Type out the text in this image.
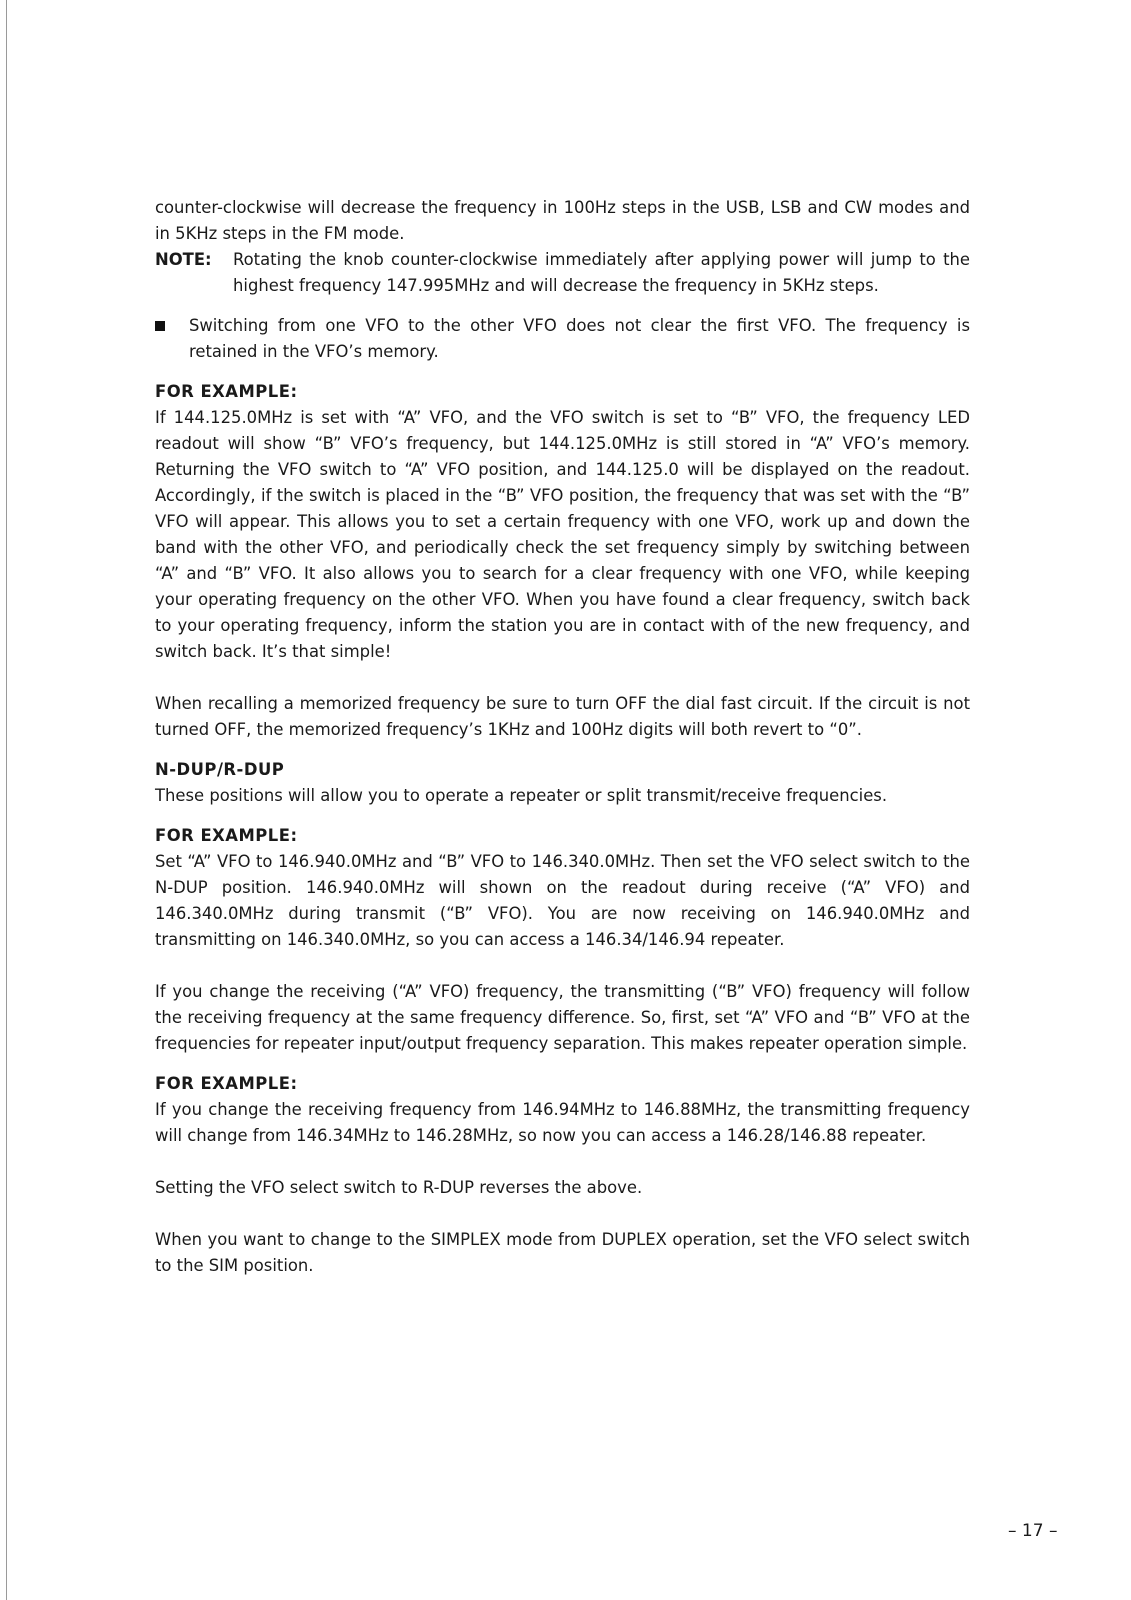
counter-clockwise will decrease the frequency in 100Hz steps in the USB, LSB and CW modes and in 5KHz steps in the FM mode.

NOTE:	Rotating the knob counter-clockwise immediately after applying power will jump to the highest frequency 147.995MHz and will decrease the frequency in 5KHz steps.
Switching from one VFO to the other VFO does not clear the first VFO. The frequency is retained in the VFO’s memory.

FOR EXAMPLE:

If 144.125.0MHz is set with “A” VFO, and the VFO switch is set to “B” VFO, the frequency LED readout will show “B” VFO’s frequency, but 144.125.0MHz is still stored in “A” VFO’s memory. Returning the VFO switch to “A” VFO position, and 144.125.0 will be displayed on the readout. Accordingly, if the switch is placed in the “B” VFO position, the frequency that was set with the “B” VFO will appear. This allows you to set a certain frequency with one VFO, work up and down the band with the other VFO, and periodically check the set frequency simply by switching between “A” and “B” VFO. It also allows you to search for a clear frequency with one VFO, while keeping your operating frequency on the other VFO. When you have found a clear frequency, switch back to your operating frequency, inform the station you are in contact with of the new frequency, and switch back. It’s that simple!

When recalling a memorized frequency be sure to turn OFF the dial fast circuit. If the circuit is not turned OFF, the memorized frequency’s 1KHz and 100Hz digits will both revert to “0”.

N-DUP/R-DUP

These positions will allow you to operate a repeater or split transmit/receive frequencies.

FOR EXAMPLE:

Set “A” VFO to 146.940.0MHz and “B” VFO to 146.340.0MHz. Then set the VFO select switch to the N-DUP position. 146.940.0MHz will shown on the readout during receive (“A” VFO) and 146.340.0MHz during transmit (“B” VFO). You are now receiving on 146.940.0MHz and transmitting on 146.340.0MHz, so you can access a 146.34/146.94 repeater.

If you change the receiving (“A” VFO) frequency, the transmitting (“B” VFO) frequency will follow the receiving frequency at the same frequency difference. So, first, set “A” VFO and “B” VFO at the frequencies for repeater input/output frequency separation. This makes repeater operation simple.

FOR EXAMPLE:

If you change the receiving frequency from 146.94MHz to 146.88MHz, the transmitting frequency will change from 146.34MHz to 146.28MHz, so now you can access a 146.28/146.88 repeater.

Setting the VFO select switch to R-DUP reverses the above.

When you want to change to the SIMPLEX mode from DUPLEX operation, set the VFO select switch to the SIM position.

– 17 –
